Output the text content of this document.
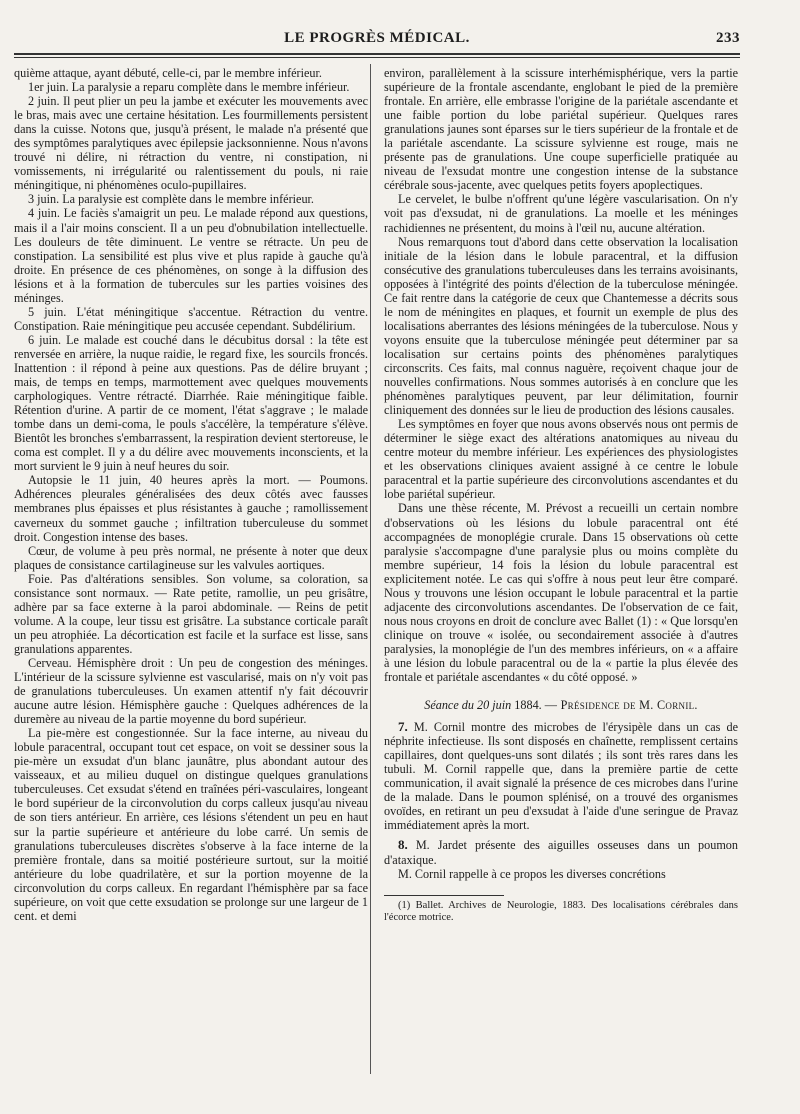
LE PROGRÈS MÉDICAL.	233

quième attaque, ayant débuté, celle-ci, par le membre inférieur.

1er juin. La paralysie a reparu complète dans le membre inférieur.

2 juin. Il peut plier un peu la jambe et exécuter les mouvements avec le bras, mais avec une certaine hésitation. Les fourmillements persistent dans la cuisse. Notons que, jusqu'à présent, le malade n'a présenté que des symptômes paralytiques avec épilepsie jacksonnienne. Nous n'avons trouvé ni délire, ni rétraction du ventre, ni constipation, ni vomissements, ni irrégularité ou ralentissement du pouls, ni raie méningitique, ni phénomènes oculo-pupillaires.

3 juin. La paralysie est complète dans le membre inférieur.

4 juin. Le faciès s'amaigrit un peu. Le malade répond aux questions, mais il a l'air moins conscient. Il a un peu d'obnubilation intellectuelle. Les douleurs de tête diminuent. Le ventre se rétracte. Un peu de constipation. La sensibilité est plus vive et plus rapide à gauche qu'à droite. En présence de ces phénomènes, on songe à la diffusion des lésions et à la formation de tubercules sur les parties voisines des méninges.

5 juin. L'état méningitique s'accentue. Rétraction du ventre. Constipation. Raie méningitique peu accusée cependant. Subdélirium.

6 juin. Le malade est couché dans le décubitus dorsal : la tête est renversée en arrière, la nuque raidie, le regard fixe, les sourcils froncés. Inattention : il répond à peine aux questions. Pas de délire bruyant ; mais, de temps en temps, marmottement avec quelques mouvements carphologiques. Ventre rétracté. Diarrhée. Raie méningitique faible. Rétention d'urine. A partir de ce moment, l'état s'aggrave ; le malade tombe dans un demi-coma, le pouls s'accélère, la température s'élève. Bientôt les bronches s'embarrassent, la respiration devient stertoreuse, le coma est complet. Il y a du délire avec mouvements inconscients, et la mort survient le 9 juin à neuf heures du soir.

Autopsie le 11 juin, 40 heures après la mort. — Poumons. Adhérences pleurales généralisées des deux côtés avec fausses membranes plus épaisses et plus résistantes à gauche ; ramollissement caverneux du sommet gauche ; infiltration tuberculeuse du sommet droit. Congestion intense des bases.

Cœur, de volume à peu près normal, ne présente à noter que deux plaques de consistance cartilagineuse sur les valvules aortiques.

Foie. Pas d'altérations sensibles. Son volume, sa coloration, sa consistance sont normaux. — Rate petite, ramollie, un peu grisâtre, adhère par sa face externe à la paroi abdominale. — Reins de petit volume. A la coupe, leur tissu est grisâtre. La substance corticale paraît un peu atrophiée. La décortication est facile et la surface est lisse, sans granulations apparentes.

Cerveau. Hémisphère droit : Un peu de congestion des méninges. L'intérieur de la scissure sylvienne est vascularisé, mais on n'y voit pas de granulations tuberculeuses. Un examen attentif n'y fait découvrir aucune autre lésion. Hémisphère gauche : Quelques adhérences de la duremère au niveau de la partie moyenne du bord supérieur.

La pie-mère est congestionnée. Sur la face interne, au niveau du lobule paracentral, occupant tout cet espace, on voit se dessiner sous la pie-mère un exsudat d'un blanc jaunâtre, plus abondant autour des vaisseaux, et au milieu duquel on distingue quelques granulations tuberculeuses. Cet exsudat s'étend en traînées péri-vasculaires, longeant le bord supérieur de la circonvolution du corps calleux jusqu'au niveau de son tiers antérieur. En arrière, ces lésions s'étendent un peu en haut sur la partie supérieure et antérieure du lobe carré. Un semis de granulations tuberculeuses discrètes s'observe à la face interne de la première frontale, dans sa moitié postérieure surtout, sur la moitié antérieure du lobe quadrilatère, et sur la portion moyenne de la circonvolution du corps calleux. En regardant l'hémisphère par sa face supérieure, on voit que cette exsudation se prolonge sur une largeur de 1 cent. et demi

environ, parallèlement à la scissure interhémisphérique, vers la partie supérieure de la frontale ascendante, englobant le pied de la première frontale. En arrière, elle embrasse l'origine de la pariétale ascendante et une faible portion du lobe pariétal supérieur. Quelques rares granulations jaunes sont éparses sur le tiers supérieur de la frontale et de la pariétale ascendante. La scissure sylvienne est rouge, mais ne présente pas de granulations. Une coupe superficielle pratiquée au niveau de l'exsudat montre une congestion intense de la substance cérébrale sous-jacente, avec quelques petits foyers apoplectiques.

Le cervelet, le bulbe n'offrent qu'une légère vascularisation. On n'y voit pas d'exsudat, ni de granulations. La moelle et les méninges rachidiennes ne présentent, du moins à l'œil nu, aucune altération.

Nous remarquons tout d'abord dans cette observation la localisation initiale de la lésion dans le lobule paracentral, et la diffusion consécutive des granulations tuberculeuses dans les terrains avoisinants, opposées à l'intégrité des points d'élection de la tuberculose méningée. Ce fait rentre dans la catégorie de ceux que Chantemesse a décrits sous le nom de méningites en plaques, et fournit un exemple de plus des localisations aberrantes des lésions méningées de la tuberculose. Nous y voyons ensuite que la tuberculose méningée peut déterminer par sa localisation sur certains points des phénomènes paralytiques circonscrits. Ces faits, mal connus naguère, reçoivent chaque jour de nouvelles confirmations. Nous sommes autorisés à en conclure que les phénomènes paralytiques peuvent, par leur délimitation, fournir cliniquement des données sur le lieu de production des lésions causales.

Les symptômes en foyer que nous avons observés nous ont permis de déterminer le siège exact des altérations anatomiques au niveau du centre moteur du membre inférieur. Les expériences des physiologistes et les observations cliniques avaient assigné à ce centre le lobule paracentral et la partie supérieure des circonvolutions ascendantes et du lobe pariétal supérieur.

Dans une thèse récente, M. Prévost a recueilli un certain nombre d'observations où les lésions du lobule paracentral ont été accompagnées de monoplégie crurale. Dans 15 observations où cette paralysie s'accompagne d'une paralysie plus ou moins complète du membre supérieur, 14 fois la lésion du lobule paracentral est explicitement notée. Le cas qui s'offre à nous peut leur être comparé. Nous y trouvons une lésion occupant le lobule paracentral et la partie adjacente des circonvolutions ascendantes. De l'observation de ce fait, nous nous croyons en droit de conclure avec Ballet (1) : « Que lorsqu'en clinique on trouve « isolée, ou secondairement associée à d'autres paralysies, la monoplégie de l'un des membres inférieurs, on « a affaire à une lésion du lobule paracentral ou de la « partie la plus élevée des frontale et pariétale ascendantes « du côté opposé. »

Séance du 20 juin 1884. — Présidence de M. Cornil.

7. M. Cornil montre des microbes de l'érysipèle dans un cas de néphrite infectieuse. Ils sont disposés en chaînette, remplissent certains capillaires, dont quelques-uns sont dilatés ; ils sont très rares dans les tubuli. M. Cornil rappelle que, dans la première partie de cette communication, il avait signalé la présence de ces microbes dans l'urine de la malade. Dans le poumon splénisé, on a trouvé des organismes ovoïdes, en retirant un peu d'exsudat à l'aide d'une seringue de Pravaz immédiatement après la mort.

8. M. Jardet présente des aiguilles osseuses dans un poumon d'ataxique.

M. Cornil rappelle à ce propos les diverses concrétions

(1) Ballet. Archives de Neurologie, 1883. Des localisations cérébrales dans l'écorce motrice.
